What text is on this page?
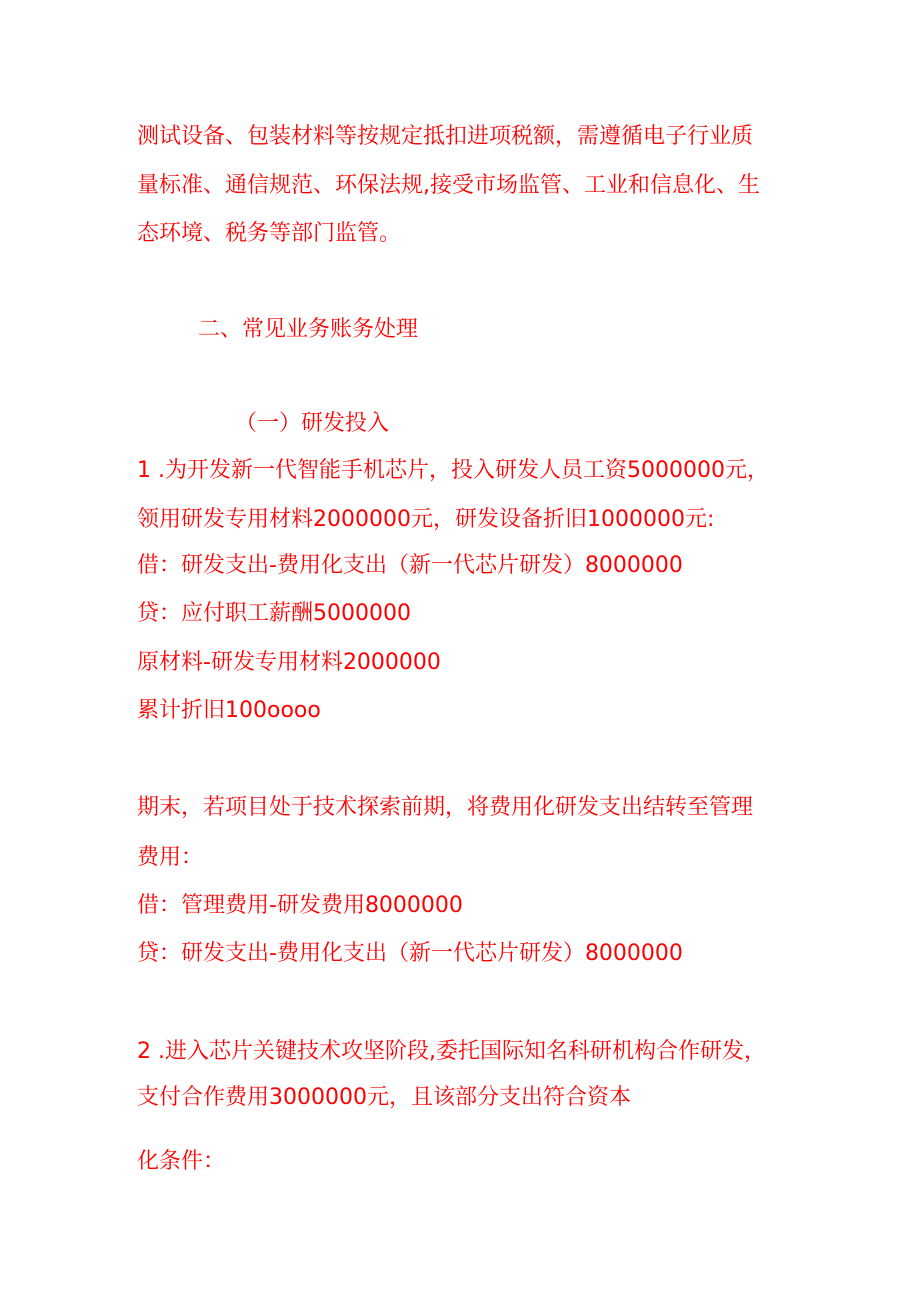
测试设备、包装材料等按规定抵扣进项税额，需遵循电子行业质
量标准、通信规范、环保法规,接受市场监管、工业和信息化、生
态环境、税务等部门监管。
二、常见业务账务处理
（一）研发投入
1 .为开发新一代智能手机芯片，投入研发人员工资5000000元，
领用研发专用材料2000000元，研发设备折旧1000000元:
借：研发支出-费用化支出（新一代芯片研发）8000000
贷：应付职工薪酬5000000
原材料-研发专用材料2000000
累计折旧100oooo
期末，若项目处于技术探索前期，将费用化研发支出结转至管理
费用：
借：管理费用-研发费用8000000
贷：研发支出-费用化支出（新一代芯片研发）8000000
2 .进入芯片关键技术攻坚阶段,委托国际知名科研机构合作研发，
支付合作费用3000000元，且该部分支出符合资本
化条件：
